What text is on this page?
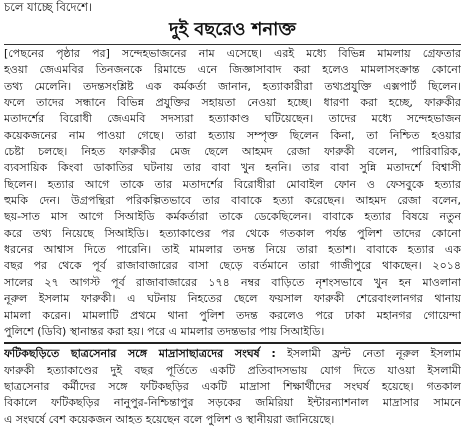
চলে যাচ্ছে বিদেশে।
দুই বছরেও শনাক্ত
[পেছনের পৃষ্ঠার পর] সন্দেহভাজনের নাম এসেছে। এরই মধ্যে বিভিন্ন মামলায় গ্রেফতার
হওয়া জেএমবির তিনজনকে রিমান্ডে এনে জিজ্ঞাসাবাদ করা হলেও মামলাসংক্রান্ত কোনো
তথ্য মেলেনি। তদন্তসংশ্লিষ্ট এক কর্মকর্তা জানান, হত্যাকারীরা তথ্যপ্রযুক্তি এক্সপার্ট ছিলেন।
ফলে তাদের সন্ধানে বিভিন্ন প্রযুক্তির সহায়তা নেওয়া হচ্ছে। ধারণা করা হচ্ছে, ফারুকীর
মতাদর্শের বিরোধী জেএমবি সদস্যরা হত্যাকাণ্ড ঘটিয়েছেন। তাদের মধ্যে সন্দেহভাজন
কয়েকজনের নাম পাওয়া গেছে। তারা হত্যায় সম্পৃক্ত ছিলেন কিনা, তা নিশ্চিত হওয়ার
চেষ্টা চলছে। নিহত ফারুকীর মেজ ছেলে আহমদ রেজা ফারুকী বলেন, পারিবারিক,
ব্যবসায়িক কিংবা ডাকাতির ঘটনায় তার বাবা খুন হননি। তার বাবা সুন্নি মতাদর্শে বিশ্বাসী
ছিলেন। হত্যার আগে তাকে তার মতাদর্শের বিরোধীরা মোবাইল ফোন ও ফেসবুকে হত্যার
হুমকি দেন। উগ্রপন্থিরা পরিকল্পিতভাবে তার বাবাকে হত্যা করেছেন। আহমদ রেজা বলেন,
ছয়-সাত মাস আগে সিআইডি কর্মকর্তারা তাকে ডেকেছিলেন। বাবাকে হত্যার বিষয়ে নতুন
করে তথ্য নিয়েছে সিআইডি। হত্যাকাণ্ডের পর থেকে গতকাল পর্যন্ত পুলিশ তাদের কোনো
ধরনের আশ্বাস দিতে পারেনি। তাই মামলার তদন্ত নিয়ে তারা হতাশ। বাবাকে হত্যার এক
বছর পর থেকে পূর্ব রাজাবাজারের বাসা ছেড়ে বর্তমানে তারা গাজীপুরে থাকছেন। ২০১৪
সালের ২৭ আগস্ট পূর্ব রাজাবাজারের ১৭৪ নম্বর বাড়িতে নৃশংসভাবে খুন হন মাওলানা
নূরুল ইসলাম ফারুকী। এ ঘটনায় নিহতের ছেলে ফয়সাল ফারুকী শেরেবাংলানগর থানায়
মামলা করেন। মামলাটি প্রথমে থানা পুলিশ তদন্ত করলেও পরে ঢাকা মহানগর গোয়েন্দা
পুলিশে (ডিবি) স্থানান্তর করা হয়। পরে এ মামলার তদন্তভার পায় সিআইডি।
ফটিকছড়িতে ছাত্রসেনার সঙ্গে মাদ্রাসাছাত্রদের সংঘর্ষ : ইসলামী ফ্রন্ট নেতা নূরুল ইসলাম
ফারুকী হত্যাকাণ্ডের দুই বছর পূর্তিতে একটি প্রতিবাদসভায় যোগ দিতে যাওয়া ইসলামী
ছাত্রসেনার কর্মীদের সঙ্গে ফটিকছড়ির একটি মাদ্রাসা শিক্ষার্থীদের সংঘর্ষ হয়েছে। গতকাল
বিকালে ফটিকছড়ির নানুপুর-নিশ্চিন্তাপুর সড়কের জমিরিয়া ইন্টারন্যাশনাল মাদ্রাসার সামনে
এ সংঘর্ষে বেশ কয়েকজন আহত হয়েছেন বলে পুলিশ ও স্থানীয়রা জানিয়েছে।
